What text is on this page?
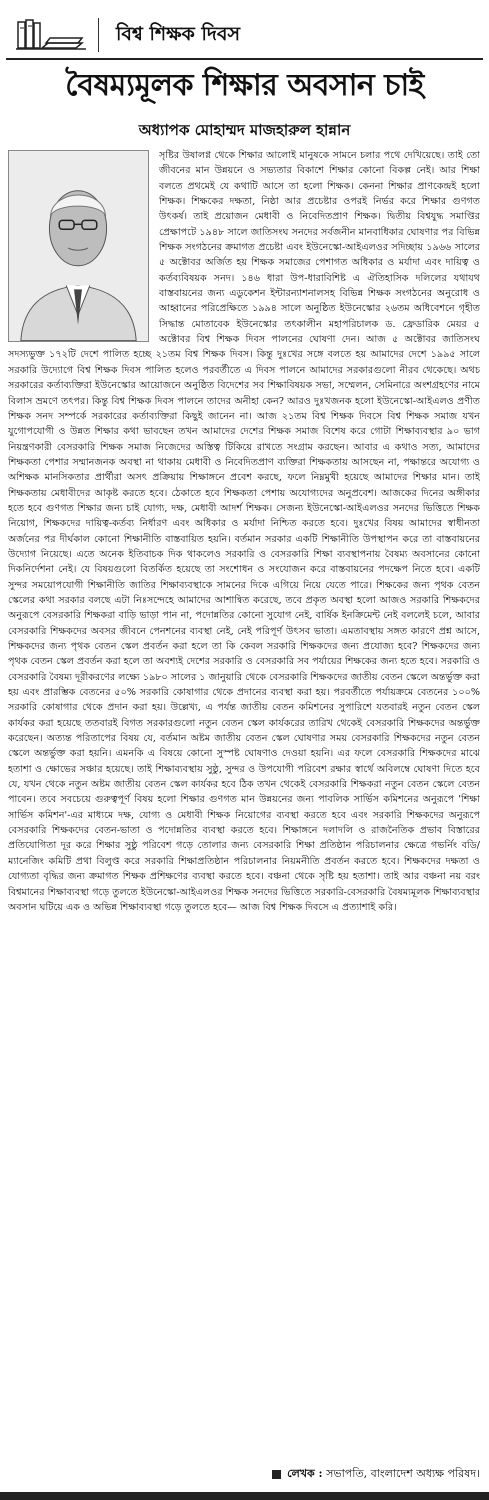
বিশ্ব শিক্ষক দিবস
বৈষম্যমূলক শিক্ষার অবসান চাই
অধ্যাপক মোহাম্মদ মাজহারুল হান্নান

সৃষ্টির উষালগ্ন থেকে শিক্ষার আলোই মানুষকে সামনে চলার পথে দেখিয়েছে। তাই তো জীবনের মান উন্নয়নে ও সভ্যতার বিকাশে শিক্ষার কোনো বিকল্প নেই। আর শিক্ষা বলতে প্রথমেই যে কথাটি আসে তা হলো শিক্ষক। কেননা শিক্ষার প্রাণকেন্দ্রই হলো শিক্ষক। শিক্ষকের দক্ষতা, নিষ্ঠা আর প্রচেষ্টার ওপরই নির্ভর করে শিক্ষার গুণগত উৎকর্ষ। তাই প্রয়োজন মেধাবী ও নিবেদিতপ্রাণ শিক্ষক। দ্বিতীয় বিশ্বযুদ্ধ সমাপ্তির প্রেক্ষাপটে ১৯৪৮ সালে জাতিসংঘ সনদের সর্বজনীন মানবাধিকার ঘোষণার পর বিভিন্ন শিক্ষক সংগঠনের ক্রমাগত প্রচেষ্টা এবং ইউনেস্কো-আইএলওর সদিচ্ছায় ১৯৬৬ সালের ৫ অক্টোবর অর্জিত হয় শিক্ষক সমাজের পেশাগত অধিকার ও মর্যাদা এবং দায়িত্ব ও কর্তব্যবিষয়ক সনদ। ১৪৬ ধারা উপ-ধারাবিশিষ্ট এ ঐতিহাসিক দলিলের যথাযথ বাস্তবায়নের জন্য এডুকেশন ইন্টারন্যাশনালসহ বিভিন্ন শিক্ষক সংগঠনের অনুরোধ ও আহ্বানের পরিপ্রেক্ষিতে ১৯৯৪ সালে অনুষ্ঠিত ইউনেস্কোর ২৬তম অধিবেশনে গৃহীত সিদ্ধান্ত মোতাবেক ইউনেস্কোর তৎকালীন মহাপরিচালক ড. ফ্রেডারিক মেয়র ৫ অক্টোবর বিশ্ব শিক্ষক দিবস পালনের ঘোষণা দেন। আজ ৫ অক্টোবর জাতিসংঘ সদস্যভুক্ত ১৭২টি দেশে পালিত হচ্ছে ২১তম বিশ্ব শিক্ষক দিবস। কিন্তু দুঃখের সঙ্গে বলতে হয় আমাদের দেশে ১৯৯৫ সালে সরকারি উদ্যোগে বিশ্ব শিক্ষক দিবস পালিত হলেও পরবর্তীতে এ দিবস পালনে আমাদের সরকারগুলো নীরব থেকেছে। অথচ সরকারের কর্তাব্যক্তিরা ইউনেস্কোর আয়োজনে অনুষ্ঠিত বিদেশের সব শিক্ষাবিষয়ক সভা, সম্মেলন, সেমিনারে অংশগ্রহণের নামে বিলাস ভ্রমণে তৎপর। কিন্তু বিশ্ব শিক্ষক দিবস পালনে তাদের অনীহা কেন? আরও দুঃখজনক হলো ইউনেস্কো-আইএলও প্রণীত শিক্ষক সনদ সম্পর্কে সরকারের কর্তাব্যক্তিরা কিছুই জানেন না। আজ ২১তম বিশ্ব শিক্ষক দিবসে বিশ্ব শিক্ষক সমাজ যখন যুগোপযোগী ও উন্নত শিক্ষার কথা ভাবছেন তখন আমাদের দেশের শিক্ষক সমাজ বিশেষ করে গোটা শিক্ষাব্যবস্থার ৯০ ভাগ নিয়ন্ত্রণকারী বেসরকারি শিক্ষক সমাজ নিজেদের অস্তিত্ব টিকিয়ে রাখতে সংগ্রাম করছেন। আবার এ কথাও সত্য, আমাদের শিক্ষকতা পেশার সম্মানজনক অবস্থা না থাকায় মেধাবী ও নিবেদিতপ্রাণ ব্যক্তিরা শিক্ষকতায় আসছেন না, পক্ষান্তরে অযোগ্য ও অশিক্ষক মানসিকতার প্রার্থীরা অসৎ প্রক্রিয়ায় শিক্ষাঙ্গনে প্রবেশ করছে, ফলে নিম্নমুখী হয়েছে আমাদের শিক্ষার মান। তাই শিক্ষকতায় মেধাবীদের আকৃষ্ট করতে হবে। ঠেকাতে হবে শিক্ষকতা পেশায় অযোগ্যদের অনুপ্রবেশ। আজকের দিনের অঙ্গীকার হতে হবে গুণগত শিক্ষার জন্য চাই যোগ্য, দক্ষ, মেধাবী আদর্শ শিক্ষক। সেজন্য ইউনেস্কো-আইএলওর সনদের ভিত্তিতে শিক্ষক নিয়োগ, শিক্ষকদের দায়িত্ব-কর্তব্য নির্ধারণ এবং অধিকার ও মর্যাদা নিশ্চিত করতে হবে। দুঃখের বিষয় আমাদের স্বাধীনতা অর্জনের পর দীর্ঘকাল কোনো শিক্ষানীতি বাস্তবায়িত হয়নি। বর্তমান সরকার একটি শিক্ষানীতি উপস্থাপন করে তা বাস্তবায়নের উদ্যোগ নিয়েছে। এতে অনেক ইতিবাচক দিক থাকলেও সরকারি ও বেসরকারি শিক্ষা ব্যবস্থাপনায় বৈষম্য অবসানের কোনো দিকনির্দেশনা নেই। যে বিষয়গুলো বিতর্কিত হয়েছে তা সংশোধন ও সংযোজন করে বাস্তবায়নের পদক্ষেপ নিতে হবে। একটি সুন্দর সময়োপযোগী শিক্ষানীতি জাতির শিক্ষাব্যবস্থাকে সামনের দিকে এগিয়ে নিয়ে যেতে পারে। শিক্ষকের জন্য পৃথক বেতন স্কেলের কথা সরকার বলছে এটা নিঃসন্দেহে আমাদের আশান্বিত করেছে, তবে প্রকৃত অবস্থা হলো আজও সরকারি শিক্ষকদের অনুরূপে বেসরকারি শিক্ষকরা বাড়ি ভাড়া পান না, পদোন্নতির কোনো সুযোগ নেই, বার্ষিক ইনক্রিমেন্ট নেই বললেই চলে, আবার বেসরকারি শিক্ষকদের অবসর জীবনে পেনশনের ব্যবস্থা নেই, নেই পরিপূর্ণ উৎসব ভাতা। এমতাবস্থায় সঙ্গত কারণে প্রশ্ন আসে, শিক্ষকদের জন্য পৃথক বেতন স্কেল প্রবর্তন করা হলে তা কি কেবল সরকারি শিক্ষকদের জন্য প্রযোজ্য হবে? শিক্ষকদের জন্য পৃথক বেতন স্কেল প্রবর্তন করা হলে তা অবশ্যই দেশের সরকারি ও বেসরকারি সব পর্যায়ের শিক্ষকের জন্য হতে হবে। সরকারি ও বেসরকারি বৈষম্য দূরীকরণের লক্ষ্যে ১৯৮০ সালের ১ জানুয়ারি থেকে বেসরকারি শিক্ষকদের জাতীয় বেতন স্কেলে অন্তর্ভুক্ত করা হয় এবং প্রারম্ভিক বেতনের ৫০% সরকারি কোষাগার থেকে প্রদানের ব্যবস্থা করা হয়। পরবর্তীতে পর্যায়ক্রমে বেতনের ১০০% সরকারি কোষাগার থেকে প্রদান করা হয়। উল্লেখ্য, এ পর্যন্ত জাতীয় বেতন কমিশনের সুপারিশে যতবারই নতুন বেতন স্কেল কার্যকর করা হয়েছে ততবারই বিগত সরকারগুলো নতুন বেতন স্কেল কার্যকরের তারিখ থেকেই বেসরকারি শিক্ষকদের অন্তর্ভুক্ত করেছেন। অত্যন্ত পরিতাপের বিষয় যে, বর্তমান অষ্টম জাতীয় বেতন স্কেল ঘোষণার সময় বেসরকারি শিক্ষকদের নতুন বেতন স্কেলে অন্তর্ভুক্ত করা হয়নি। এমনকি এ বিষয়ে কোনো সুস্পষ্ট ঘোষণাও দেওয়া হয়নি। এর ফলে বেসরকারি শিক্ষকদের মাঝে হতাশা ও ক্ষোভের সঞ্চার হয়েছে। তাই শিক্ষাব্যবস্থায় সুষ্ঠু, সুন্দর ও উপযোগী পরিবেশ রক্ষার স্বার্থে অবিলম্বে ঘোষণা দিতে হবে যে, যখন থেকে নতুন অষ্টম জাতীয় বেতন স্কেল কার্যকর হবে ঠিক তখন থেকেই বেসরকারি শিক্ষকরা নতুন বেতন স্কেলে বেতন পাবেন। তবে সবচেয়ে গুরুত্বপূর্ণ বিষয় হলো শিক্ষার গুণগত মান উন্নয়নের জন্য পাবলিক সার্ভিস কমিশনের অনুরূপে 'শিক্ষা সার্ভিস কমিশন'-এর মাধ্যমে দক্ষ, যোগ্য ও মেধাবী শিক্ষক নিয়োগের ব্যবস্থা করতে হবে এবং সরকারি শিক্ষকদের অনুরূপে বেসরকারি শিক্ষকদের বেতন-ভাতা ও পদোন্নতির ব্যবস্থা করতে হবে। শিক্ষাঙ্গনে দলাদলি ও রাজনৈতিক প্রভাব বিস্তারের প্রতিযোগিতা দূর করে শিক্ষার সুষ্ঠু পরিবেশ গড়ে তোলার জন্য বেসরকারি শিক্ষা প্রতিষ্ঠান পরিচালনার ক্ষেত্রে গভর্নিং বডি/ম্যানেজিং কমিটি প্রথা বিলুপ্ত করে সরকারি শিক্ষাপ্রতিষ্ঠান পরিচালনার নিয়মনীতি প্রবর্তন করতে হবে। শিক্ষকদের দক্ষতা ও যোগ্যতা বৃদ্ধির জন্য ক্রমাগত শিক্ষক প্রশিক্ষণের ব্যবস্থা করতে হবে। বঞ্চনা থেকে সৃষ্টি হয় হতাশা। তাই আর বঞ্চনা নয় বরং বিশ্বমানের শিক্ষাব্যবস্থা গড়ে তুলতে ইউনেস্কো-আইএলওর শিক্ষক সনদের ভিত্তিতে সরকারি-বেসরকারি বৈষম্যমূলক শিক্ষাব্যবস্থার অবসান ঘটিয়ে এক ও অভিন্ন শিক্ষাব্যবস্থা গড়ে তুলতে হবে— আজ বিশ্ব শিক্ষক দিবসে এ প্রত্যাশাই করি।

লেখক : সভাপতি, বাংলাদেশ অধ্যক্ষ পরিষদ।
